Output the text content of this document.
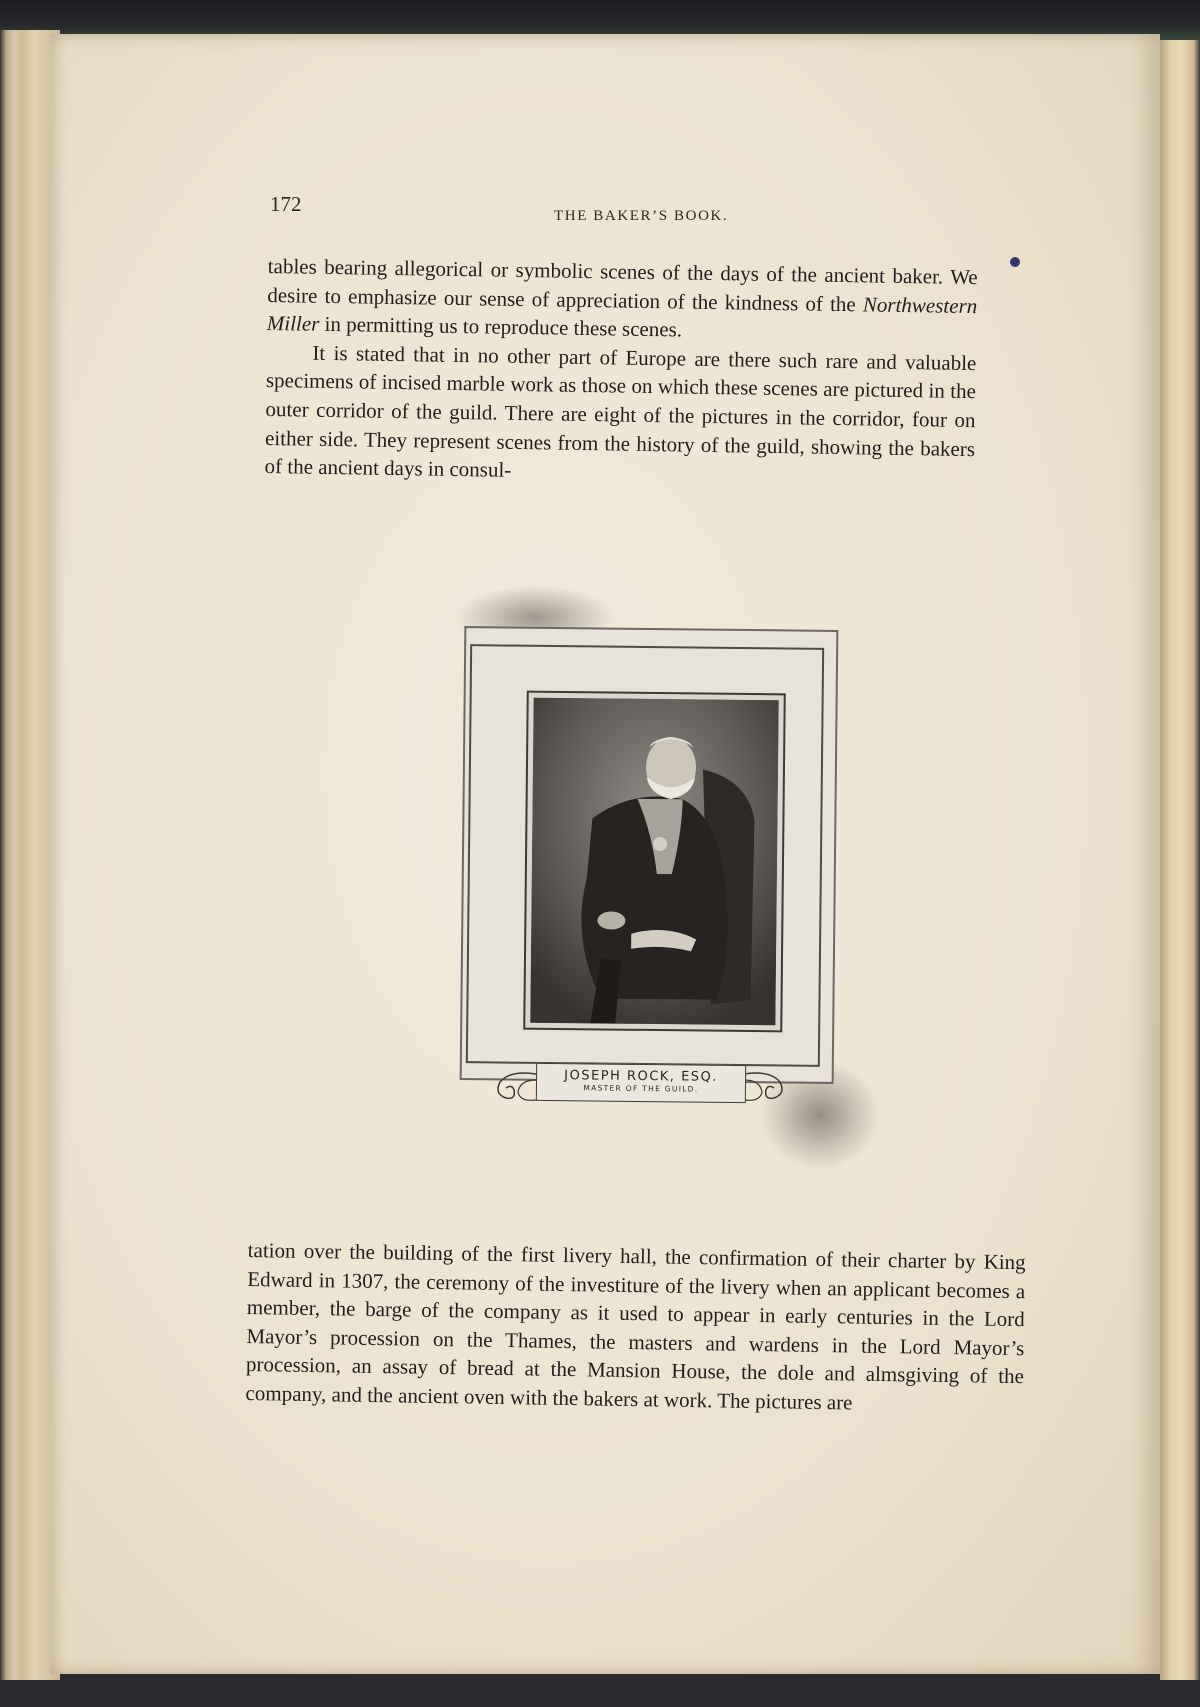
172	THE BAKER’S BOOK.

tables bearing allegorical or symbolic scenes of the days of the ancient baker. We desire to emphasize our sense of appreciation of the kindness of the Northwestern Miller in permitting us to reproduce these scenes.

It is stated that in no other part of Europe are there such rare and valuable specimens of incised marble work as those on which these scenes are pictured in the outer corridor of the guild. There are eight of the pictures in the corridor, four on either side. They represent scenes from the history of the guild, showing the bakers of the ancient days in consul-

JOSEPH ROCK, ESQ.
MASTER OF THE GUILD.

tation over the building of the first livery hall, the confirmation of their charter by King Edward in 1307, the ceremony of the investiture of the livery when an applicant becomes a member, the barge of the company as it used to appear in early centuries in the Lord Mayor’s procession on the Thames, the masters and wardens in the Lord Mayor’s procession, an assay of bread at the Mansion House, the dole and almsgiving of the company, and the ancient oven with the bakers at work. The pictures are
